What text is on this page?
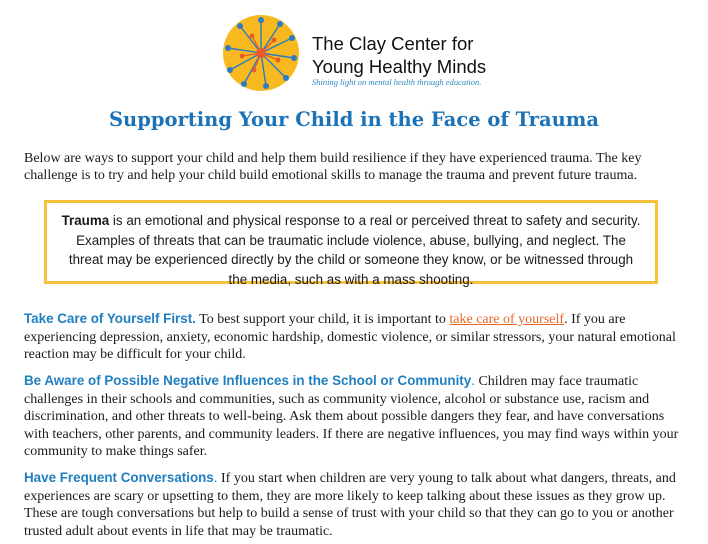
The Clay Center for
Young Healthy Minds
Shining light on mental health through education.
Supporting Your Child in the Face of Trauma

Below are ways to support your child and help them build resilience if they have experienced trauma. The key challenge is to try and help your child build emotional skills to manage the trauma and prevent future trauma.

Trauma is an emotional and physical response to a real or perceived threat to safety and security. Examples of threats that can be traumatic include violence, abuse, bullying, and neglect. The threat may be experienced directly by the child or someone they know, or be witnessed through the media, such as with a mass shooting.

Take Care of Yourself First. To best support your child, it is important to take care of yourself. If you are experiencing depression, anxiety, economic hardship, domestic violence, or similar stressors, your natural emotional reaction may be difficult for your child.

Be Aware of Possible Negative Influences in the School or Community. Children may face traumatic challenges in their schools and communities, such as community violence, alcohol or substance use, racism and discrimination, and other threats to well-being. Ask them about possible dangers they fear, and have conversations with teachers, other parents, and community leaders. If there are negative influences, you may find ways within your community to make things safer.

Have Frequent Conversations. If you start when children are very young to talk about what dangers, threats, and experiences are scary or upsetting to them, they are more likely to keep talking about these issues as they grow up. These are tough conversations but help to build a sense of trust with your child so that they can go to you or another trusted adult about events in life that may be traumatic.
